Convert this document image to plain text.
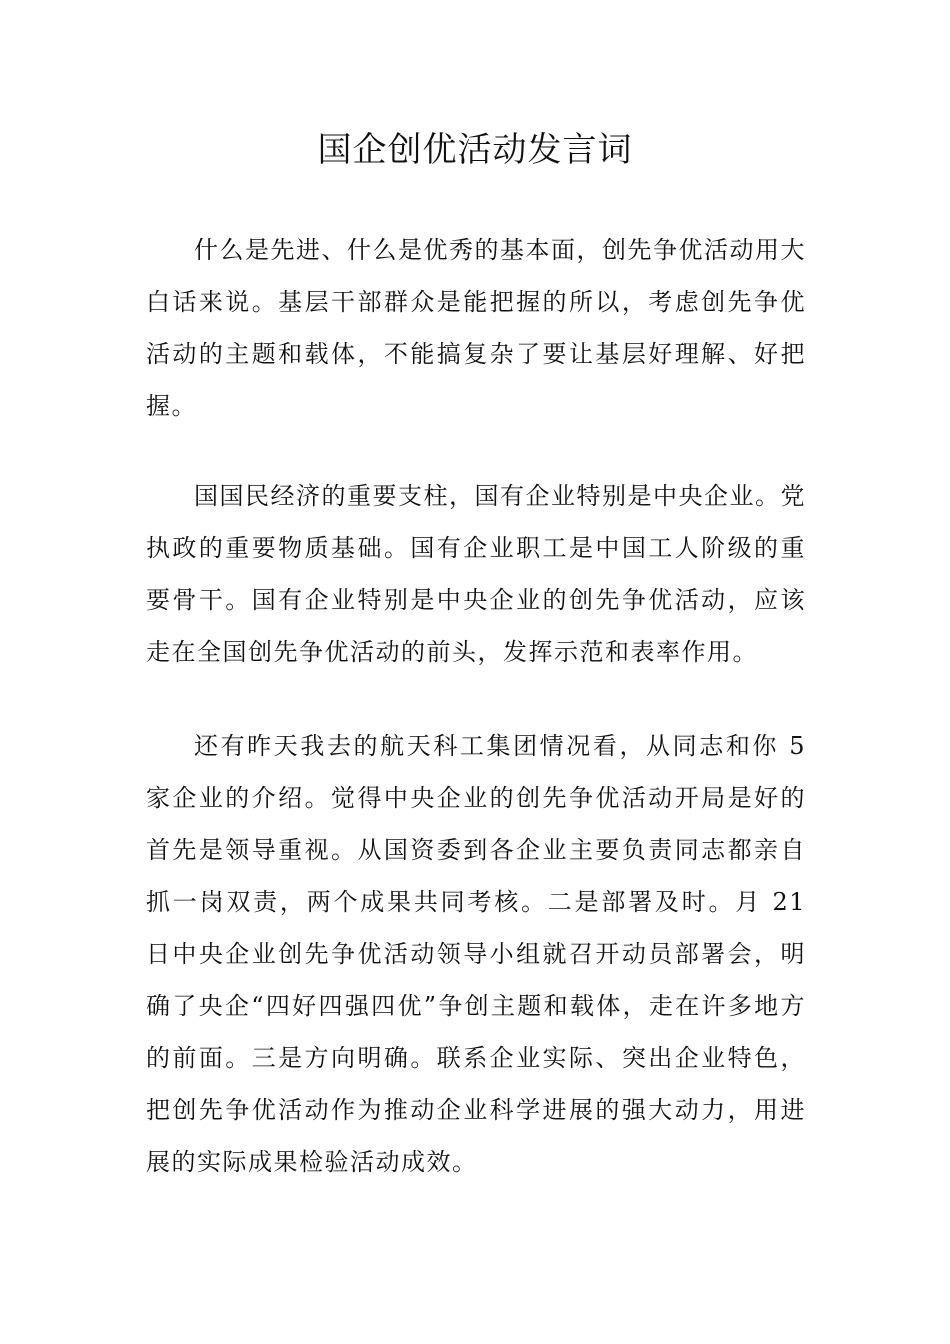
国企创优活动发言词

什么是先进、什么是优秀的基本面，创先争优活动用大白话来说。基层干部群众是能把握的所以，考虑创先争优活动的主题和载体，不能搞复杂了要让基层好理解、好把握。

国国民经济的重要支柱，国有企业特别是中央企业。党执政的重要物质基础。国有企业职工是中国工人阶级的重要骨干。国有企业特别是中央企业的创先争优活动，应该走在全国创先争优活动的前头，发挥示范和表率作用。

还有昨天我去的航天科工集团情况看，从同志和你 5 家企业的介绍。觉得中央企业的创先争优活动开局是好的首先是领导重视。从国资委到各企业主要负责同志都亲自抓一岗双责，两个成果共同考核。二是部署及时。月 21 日中央企业创先争优活动领导小组就召开动员部署会，明确了央企“四好四强四优”争创主题和载体，走在许多地方的前面。三是方向明确。联系企业实际、突出企业特色，把创先争优活动作为推动企业科学进展的强大动力，用进展的实际成果检验活动成效。
